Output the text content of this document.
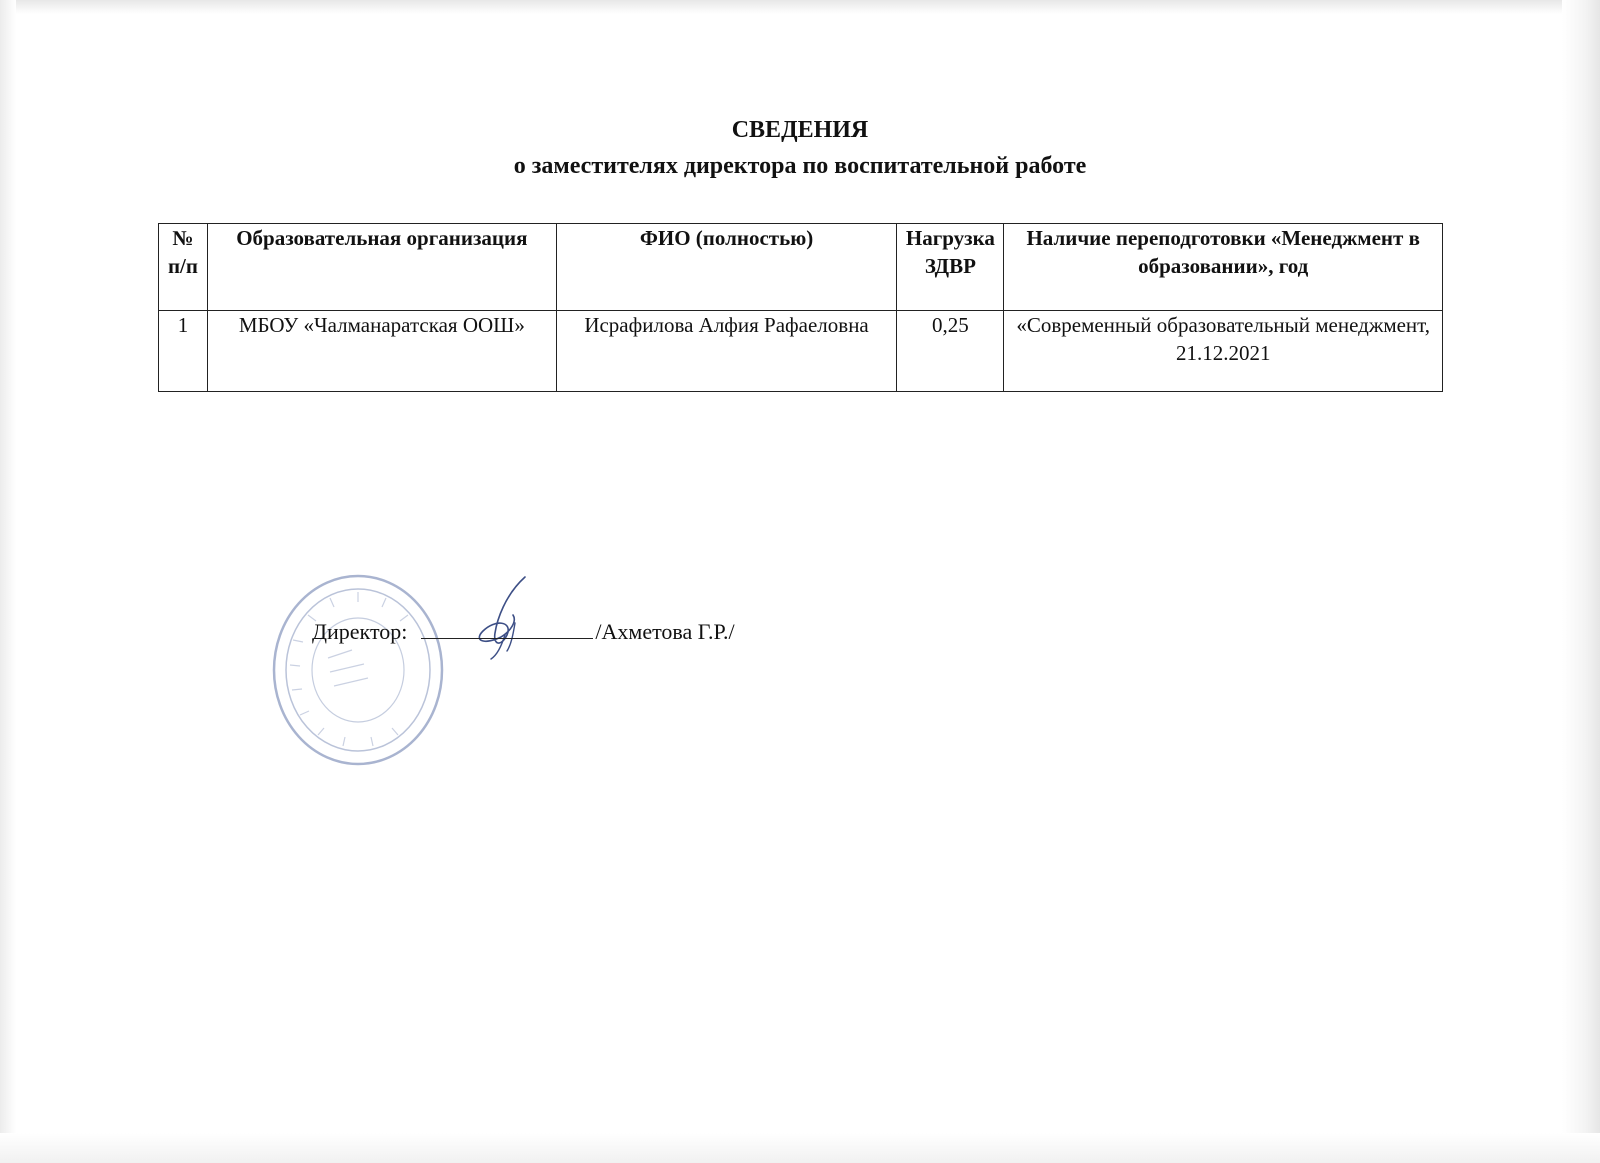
СВЕДЕНИЯ
о заместителях директора по воспитательной работе
№ п/п	Образовательная организация	ФИО (полностью)	Нагрузка ЗДВР	Наличие переподготовки «Менеджмент в образовании», год
1	МБОУ «Чалманаратская ООШ»	Исрафилова Алфия Рафаеловна	0,25	«Современный образовательный менеджмент, 21.12.2021
Директор:	/Ахметова Г.Р./
